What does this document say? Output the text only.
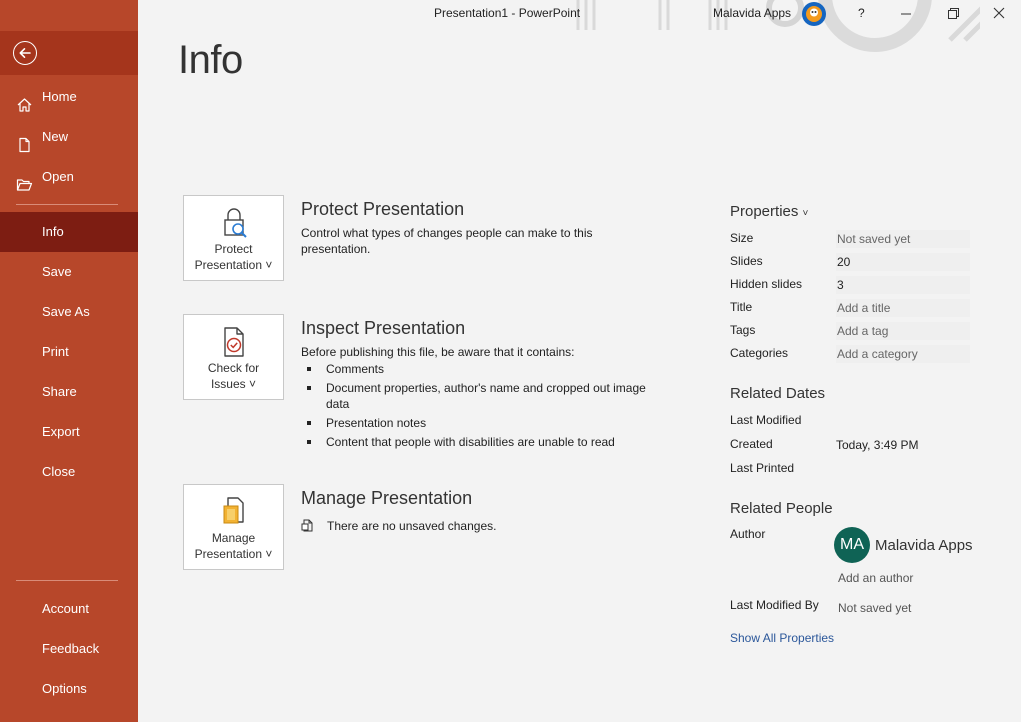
Home
New
Open
Info
Save
Save As
Print
Share
Export
Close
Account
Feedback
Options
Presentation1 - PowerPoint	Malavida Apps	?
Info
Protect
Presentation ˅
Protect Presentation
Control what types of changes people can make to this
presentation.
Check for
Issues ˅
Inspect Presentation
Before publishing this file, be aware that it contains:
Comments
Document properties, author's name and cropped out image data
Presentation notes
Content that people with disabilities are unable to read
Manage
Presentation ˅
Manage Presentation
There are no unsaved changes.
Properties ˅
Size	Not saved yet
Slides	20
Hidden slides	3
Title	Add a title
Tags	Add a tag
Categories	Add a category
Related Dates
Last Modified
Created	Today, 3:49 PM
Last Printed
Related People
Author
MA Malavida Apps
Add an author
Last Modified By Not saved yet
Show All Properties
